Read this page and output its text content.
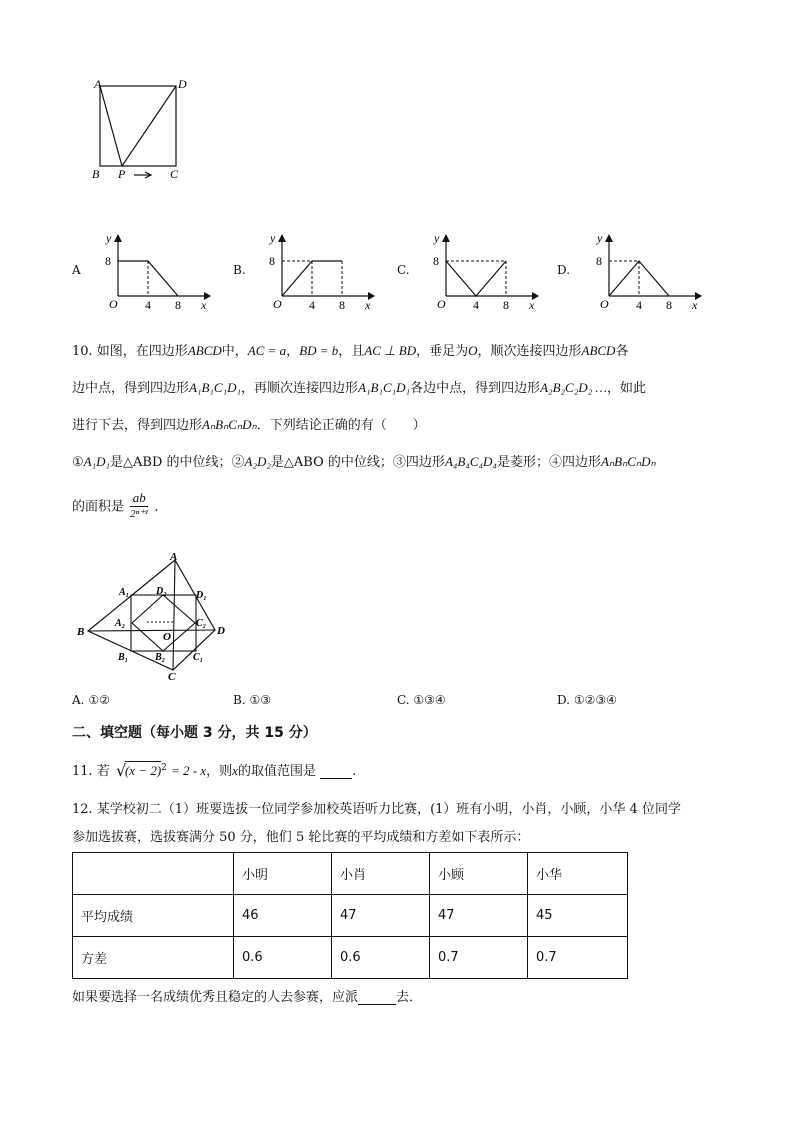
A	D
B P	C
A
y
8
O 4 8 x
B.
y
8
O 4 8 x
C.
y
8
O 4 8 x
D.
y
8
O 4 8 x
10. 如图，在四边形ABCD中，AC = a，BD = b，且AC ⊥ BD，垂足为O，顺次连接四边形ABCD各
边中点，得到四边形A₁B₁C₁D₁，再顺次连接四边形A₁B₁C₁D₁各边中点，得到四边形A₂B₂C₂D₂ …，如此
进行下去，得到四边形AₙBₙCₙDₙ．下列结论正确的有（　　）
①A₁D₁是△ABD 的中位线；②A₂D₂是△ABO 的中位线；③四边形A₄B₄C₄D₄是菱形；④四边形AₙBₙCₙDₙ
的面积是
ab
2ⁿ⁺¹ ．
A
B
C
D
O
A₁
B₁	C₁
D₁
A₂
B₂
C₂
D₂
A. ①②	B. ①③	C. ①③④	D. ①②③④
二、填空题（每小题 3 分，共 15 分）
11. 若 √
$(x - 2)^2 = 2 - x$，则x的取值范围是	.
12. 某学校初二（1）班要选拔一位同学参加校英语听力比赛，(1）班有小明，小肖，小顾，小华 4 位同学
参加选拔赛，选拔赛满分 50 分，他们 5 轮比赛的平均成绩和方差如下表所示：
	小明	小肖	小顾	小华
平均成绩	46	47	47	45
方差	0.6	0.6	0.7	0.7
如果要选择一名成绩优秀且稳定的人去参赛，应派	去．
